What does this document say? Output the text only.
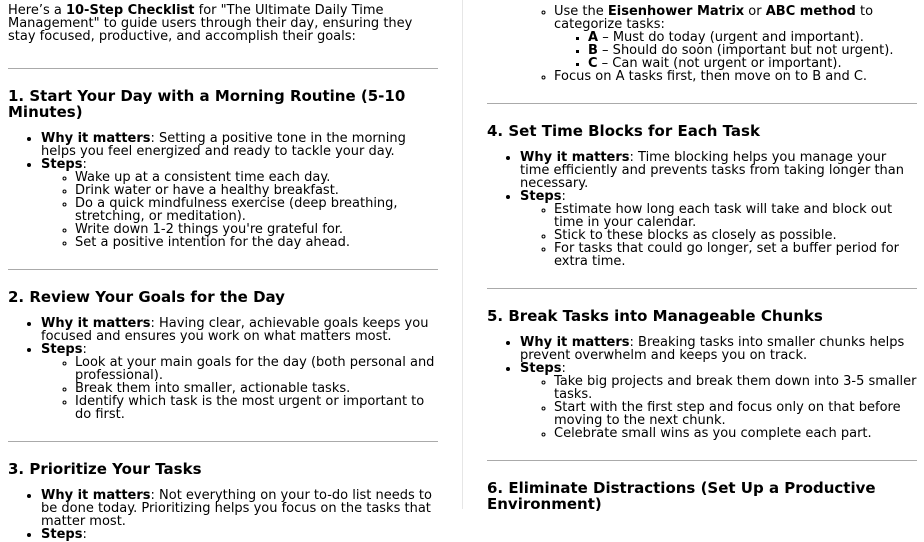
Here’s a 10-Step Checklist for "The Ultimate Daily Time Management" to guide users through their day, ensuring they stay focused, productive, and accomplish their goals:

1. Start Your Day with a Morning Routine (5-10 Minutes)
• Why it matters: Setting a positive tone in the morning helps you feel energized and ready to tackle your day.
• Steps:
◦ Wake up at a consistent time each day.
◦ Drink water or have a healthy breakfast.
◦ Do a quick mindfulness exercise (deep breathing, stretching, or meditation).
◦ Write down 1-2 things you're grateful for.
◦ Set a positive intention for the day ahead.
2. Review Your Goals for the Day
• Why it matters: Having clear, achievable goals keeps you focused and ensures you work on what matters most.
• Steps:
◦ Look at your main goals for the day (both personal and professional).
◦ Break them into smaller, actionable tasks.
◦ Identify which task is the most urgent or important to do first.
3. Prioritize Your Tasks
• Why it matters: Not everything on your to-do list needs to be done today. Prioritizing helps you focus on the tasks that matter most.
• Steps:
◦ Use the Eisenhower Matrix or ABC method to categorize tasks:
▪ A – Must do today (urgent and important).
▪ B – Should do soon (important but not urgent).
▪ C – Can wait (not urgent or important).
◦ Focus on A tasks first, then move on to B and C.
4. Set Time Blocks for Each Task
• Why it matters: Time blocking helps you manage your time efficiently and prevents tasks from taking longer than necessary.
• Steps:
◦ Estimate how long each task will take and block out time in your calendar.
◦ Stick to these blocks as closely as possible.
◦ For tasks that could go longer, set a buffer period for extra time.
5. Break Tasks into Manageable Chunks
• Why it matters: Breaking tasks into smaller chunks helps prevent overwhelm and keeps you on track.
• Steps:
◦ Take big projects and break them down into 3-5 smaller tasks.
◦ Start with the first step and focus only on that before moving to the next chunk.
◦ Celebrate small wins as you complete each part.
6. Eliminate Distractions (Set Up a Productive Environment)
